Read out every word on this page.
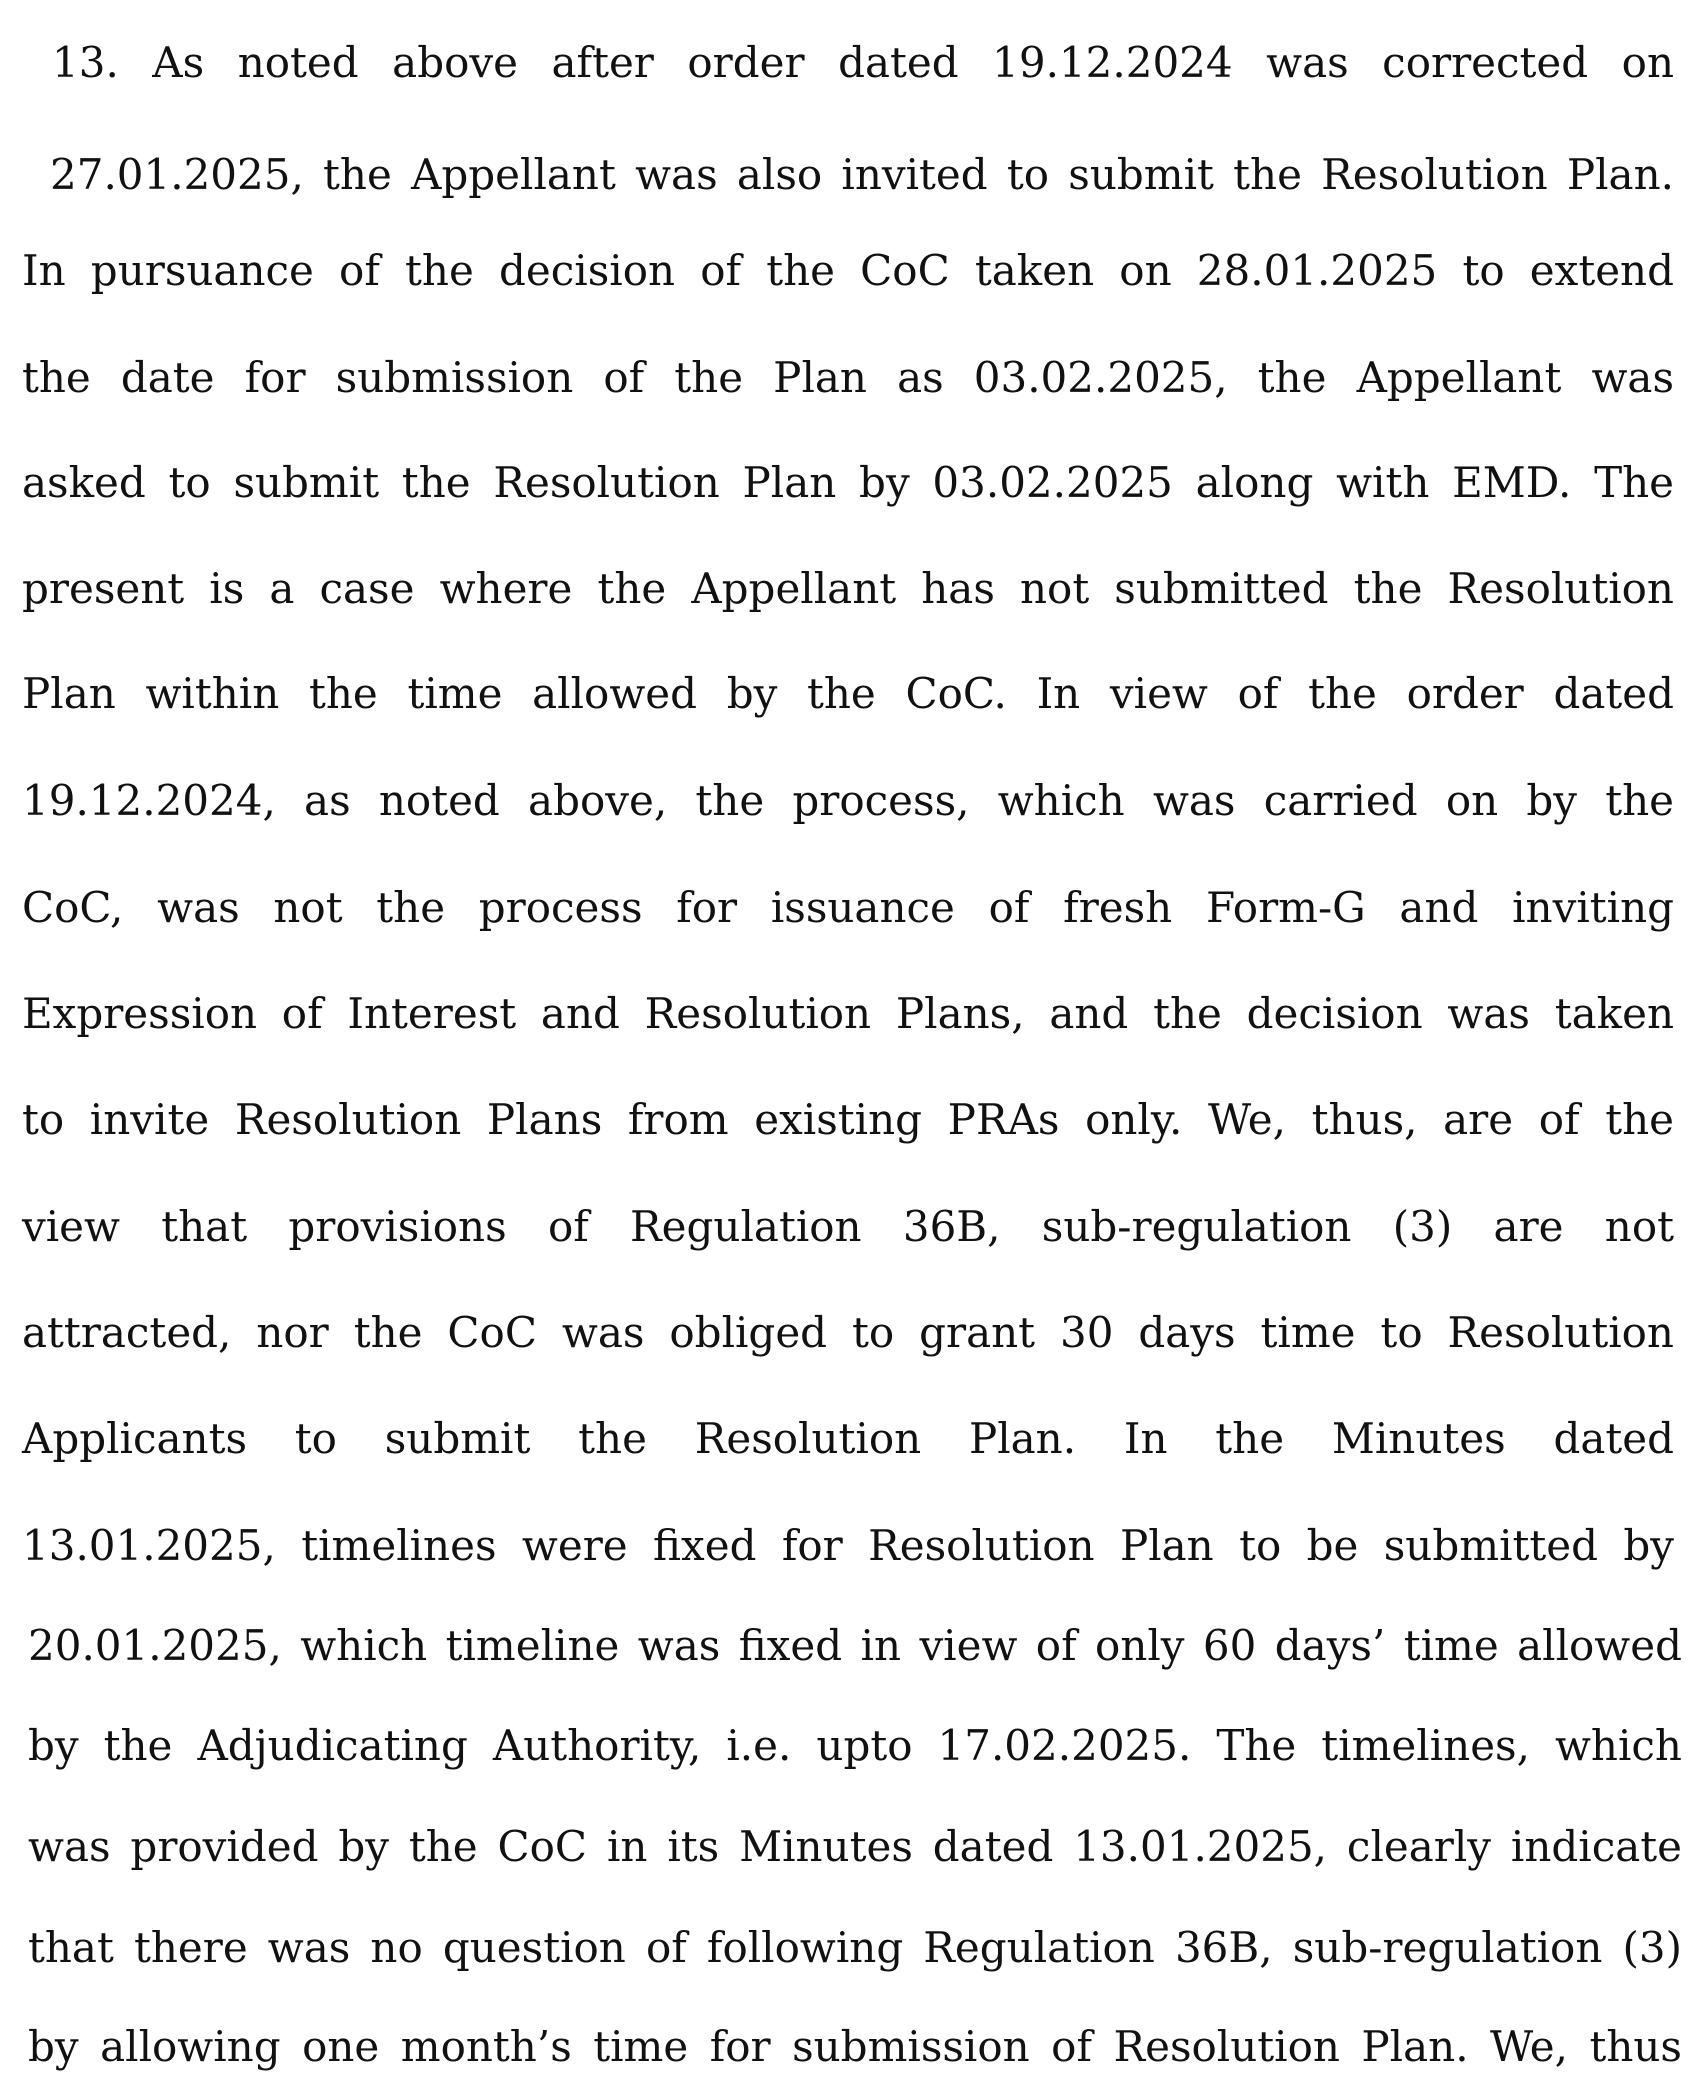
13. As noted above after order dated 19.12.2024 was corrected on
27.01.2025, the Appellant was also invited to submit the Resolution Plan.
In pursuance of the decision of the CoC taken on 28.01.2025 to extend
the date for submission of the Plan as 03.02.2025, the Appellant was
asked to submit the Resolution Plan by 03.02.2025 along with EMD. The
present is a case where the Appellant has not submitted the Resolution
Plan within the time allowed by the CoC. In view of the order dated
19.12.2024, as noted above, the process, which was carried on by the
CoC, was not the process for issuance of fresh Form-G and inviting
Expression of Interest and Resolution Plans, and the decision was taken
to invite Resolution Plans from existing PRAs only. We, thus, are of the
view that provisions of Regulation 36B, sub-regulation (3) are not
attracted, nor the CoC was obliged to grant 30 days time to Resolution
Applicants to submit the Resolution Plan. In the Minutes dated
13.01.2025, timelines were fixed for Resolution Plan to be submitted by
20.01.2025, which timeline was fixed in view of only 60 days’ time allowed
by the Adjudicating Authority, i.e. upto 17.02.2025. The timelines, which
was provided by the CoC in its Minutes dated 13.01.2025, clearly indicate
that there was no question of following Regulation 36B, sub-regulation (3)
by allowing one month’s time for submission of Resolution Plan. We, thus
